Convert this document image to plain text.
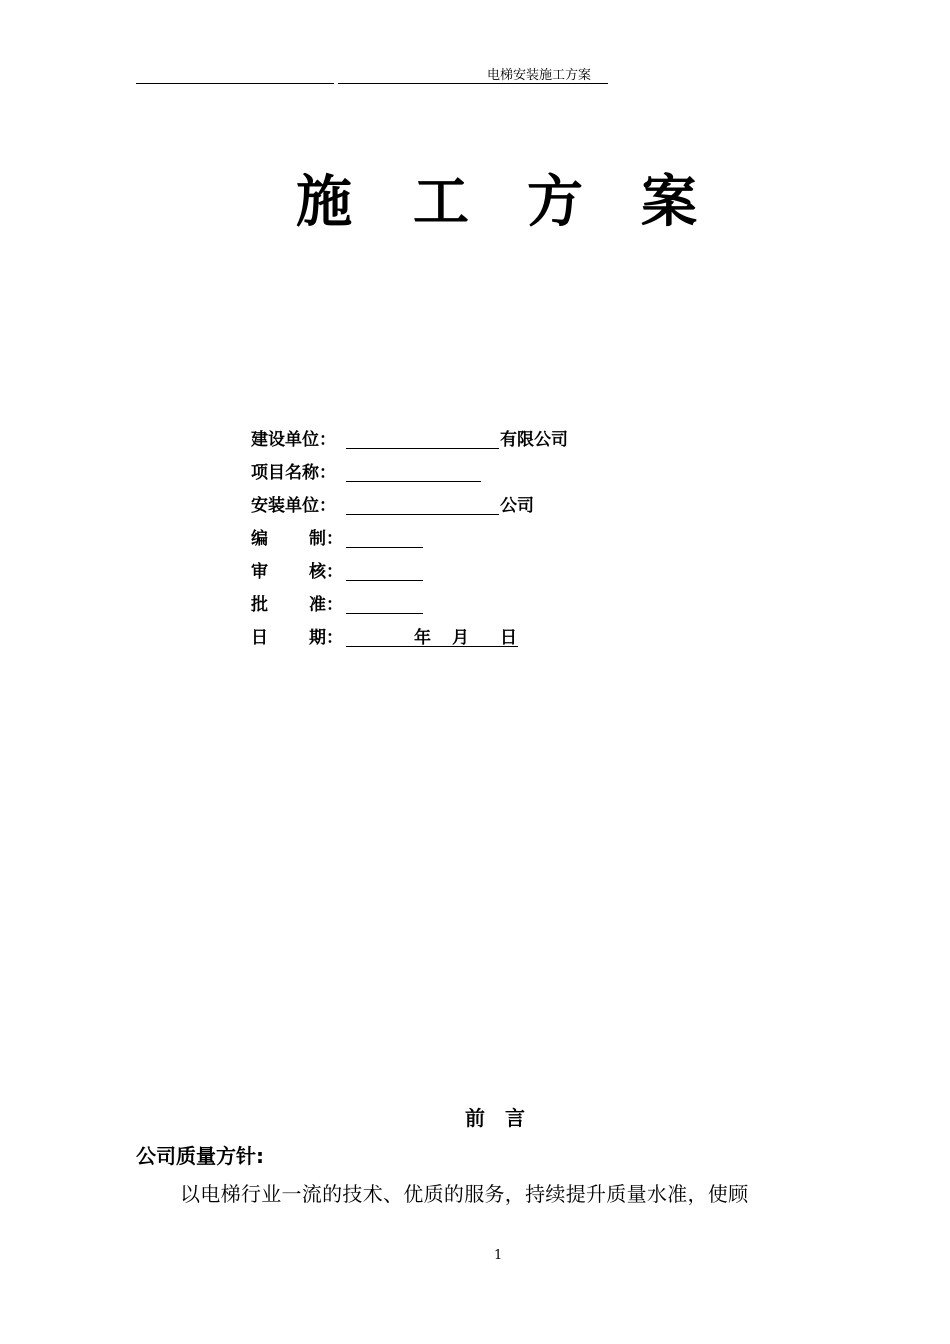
电梯安装施工方案
施 工 方 案
建设单位：	有限公司
项目名称：
安装单位：	公司
编 制：
审 核：
批 准：
日 期：	年 月 日
前　言
公司质量方针:
以电梯行业一流的技术、优质的服务，持续提升质量水准，使顾
1
